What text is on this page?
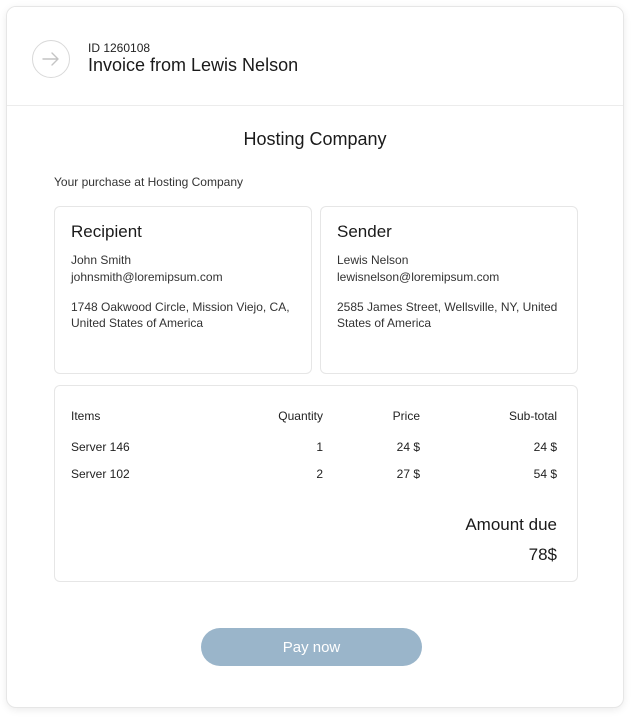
ID 1260108
Invoice from Lewis Nelson
Hosting Company
Your purchase at Hosting Company
Recipient
John Smith
johnsmith@loremipsum.com
1748 Oakwood Circle, Mission Viejo, CA,
United States of America
Sender
Lewis Nelson
lewisnelson@loremipsum.com
2585 James Street, Wellsville, NY, United
States of America
Items	Quantity	Price	Sub-total
Server 146	1	24 $	24 $
Server 102	2	27 $	54 $
Amount due
78$
Pay now
